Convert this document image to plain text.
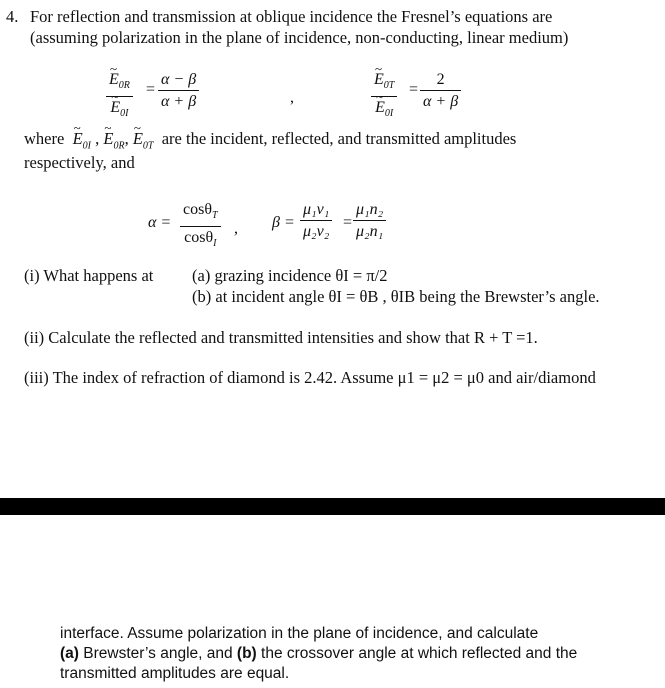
4. For reflection and transmission at oblique incidence the Fresnel’s equations are
(assuming polarization in the plane of incidence, non-conducting, linear medium)
~ $E_{0R}$
~ $E_{0I}$
=
α − β
α + β	,
~ $E_{0T}$
~ $E_{0I}$
=
2
α + β
where  ~ $E_{0I}$ , ~ $E_{0R}$, ~ $E_{0T}$ are the incident, reflected, and transmitted amplitudes
respectively, and
α =
cosθ$_T$
cosθ$_I$
, β =
μ₁v₁
μ₂v₂
=
μ₁n₂
μ₂n₁
(i) What happens at (a) grazing incidence θI = π/2
(b) at incident angle θI = θB , θIB being the Brewster’s angle.
(ii) Calculate the reflected and transmitted intensities and show that R + T =1.
(iii) The index of refraction of diamond is 2.42. Assume μ1 = μ2 = μ0 and air/diamond
interface. Assume polarization in the plane of incidence, and calculate
(a) Brewster’s angle, and (b) the crossover angle at which reflected and the
transmitted amplitudes are equal.
